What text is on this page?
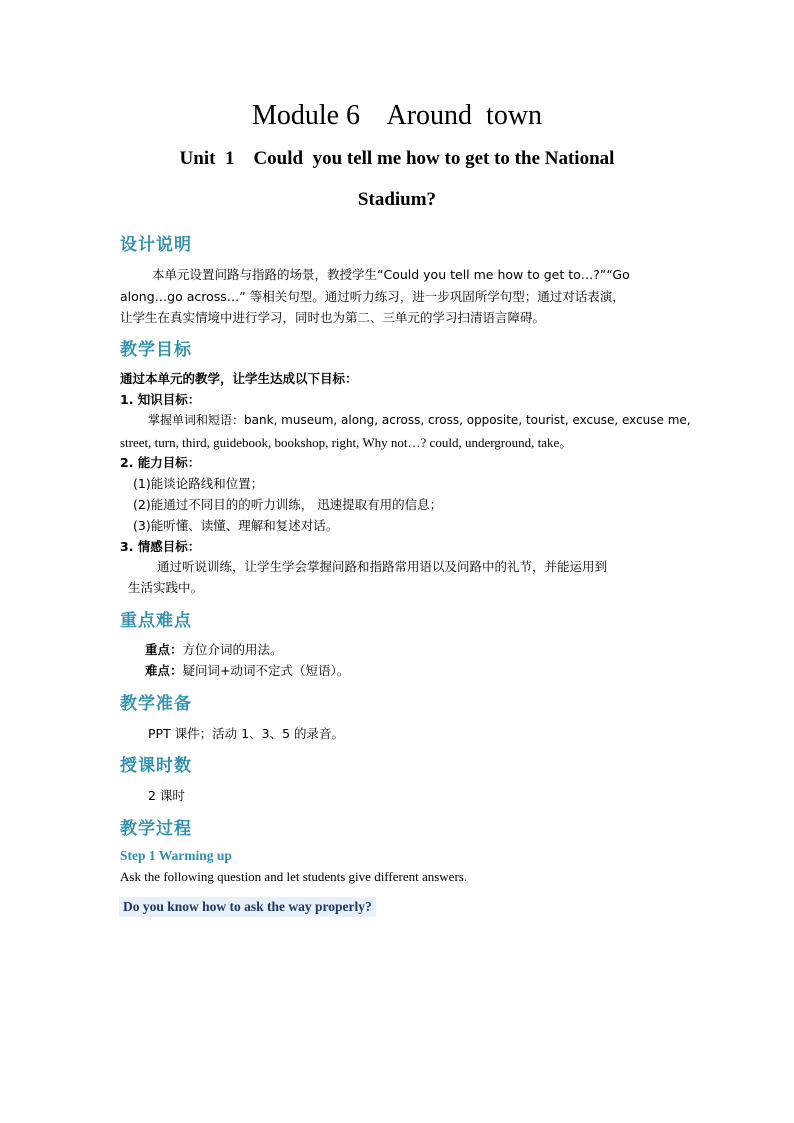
Module 6    Around  town
Unit  1    Could  you tell me how to get to the National
Stadium?
设计说明
本单元设置问路与指路的场景，教授学生“Could you tell me how to get to…?”“Go
along…go across…” 等相关句型。通过听力练习，进一步巩固所学句型；通过对话表演，
让学生在真实情境中进行学习，同时也为第二、三单元的学习扫清语言障碍。
教学目标
通过本单元的教学，让学生达成以下目标：
1. 知识目标：
掌握单词和短语：bank, museum, along, across, cross, opposite, tourist, excuse, excuse me,
street, turn, third, guidebook, bookshop, right, Why not…? could, underground, take。
2. 能力目标：
(1)能谈论路线和位置；
(2)能通过不同目的的听力训练， 迅速提取有用的信息；
(3)能听懂、读懂、理解和复述对话。
3. 情感目标：
通过听说训练，让学生学会掌握问路和指路常用语以及问路中的礼节，并能运用到
生活实践中。
重点难点
重点：方位介词的用法。
难点：疑问词+动词不定式（短语）。
教学准备
PPT 课件；活动 1、3、5 的录音。
授课时数
2 课时
教学过程
Step 1 Warming up
Ask the following question and let students give different answers.
Do you know how to ask the way properly?
